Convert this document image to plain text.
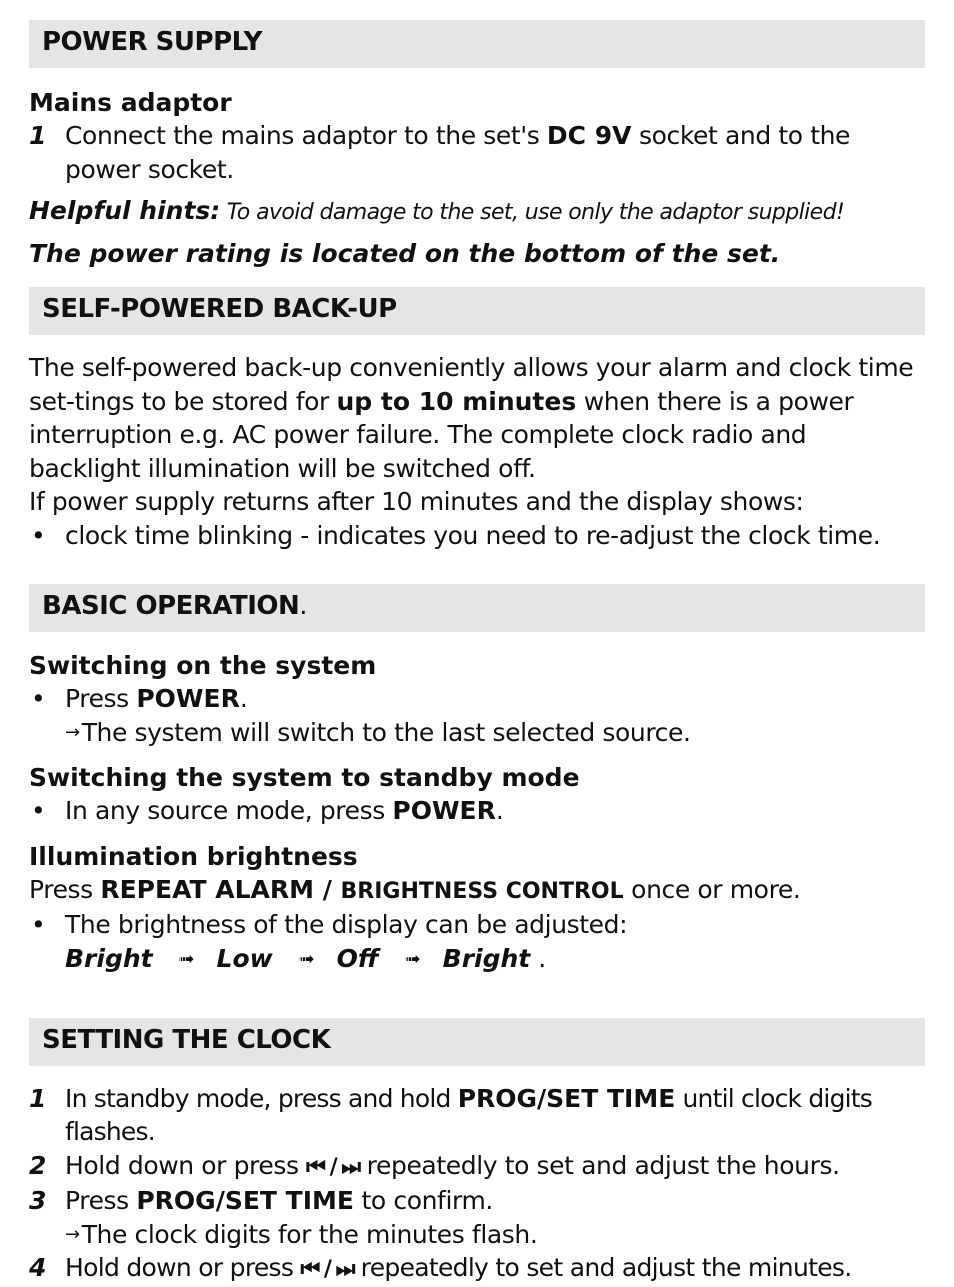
POWER SUPPLY
Mains adaptor
1 Connect the mains adaptor to the set's DC 9V socket and to the power socket.
Helpful hints: To avoid damage to the set, use only the adaptor supplied!
The power rating is located on the bottom of the set.
SELF-POWERED BACK-UP
The self-powered back-up conveniently allows your alarm and clock time set-tings to be stored for up to 10 minutes when there is a power interruption e.g. AC power failure. The complete clock radio and backlight illumination will be switched off.
If power supply returns after 10 minutes and the display shows:
• clock time blinking - indicates you need to re-adjust the clock time.
BASIC OPERATION.
Switching on the system
• Press POWER.
→The system will switch to the last selected source.
Switching the system to standby mode
• In any source mode, press POWER.
Illumination brightness
Press REPEAT ALARM / BRIGHTNESS CONTROL once or more.
• The brightness of the display can be adjusted:
Bright ➟ Low ➟ Off ➟ Bright .
SETTING THE CLOCK
1 In standby mode, press and hold PROG/SET TIME until clock digits flashes.
2 Hold down or press ⏮ / ⏭ repeatedly to set and adjust the hours.
3 Press PROG/SET TIME to confirm.
→The clock digits for the minutes flash.
4 Hold down or press ⏮ / ⏭ repeatedly to set and adjust the minutes.
